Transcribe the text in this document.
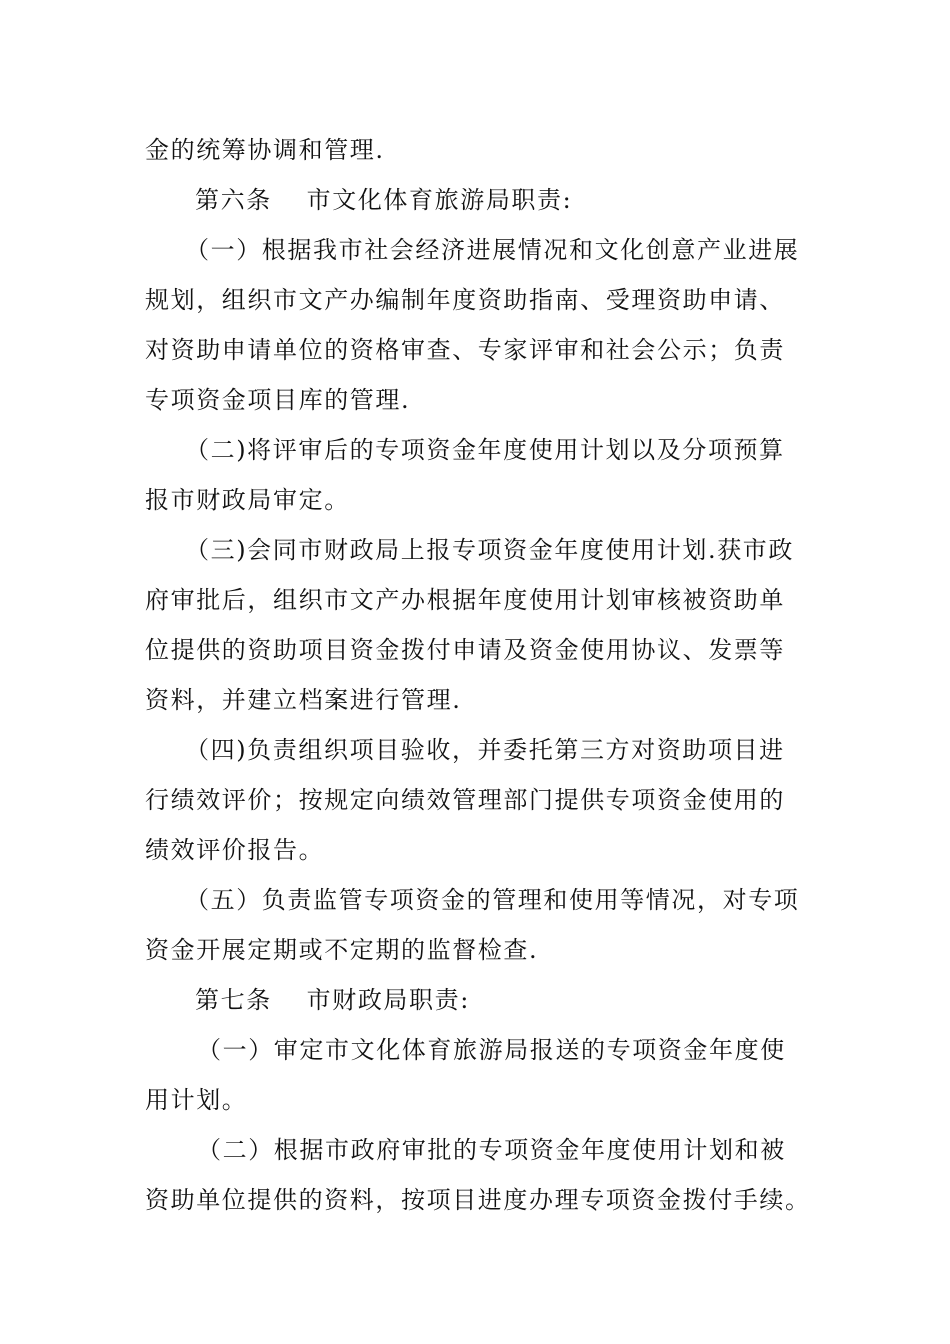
金的统筹协调和管理.
第六条　 市文化体育旅游局职责:
（一）根据我市社会经济进展情况和文化创意产业进展
规划，组织市文产办编制年度资助指南、受理资助申请、
对资助申请单位的资格审查、专家评审和社会公示；负责
专项资金项目库的管理.
（二)将评审后的专项资金年度使用计划以及分项预算
报市财政局审定。
（三)会同市财政局上报专项资金年度使用计划.获市政
府审批后，组织市文产办根据年度使用计划审核被资助单
位提供的资助项目资金拨付申请及资金使用协议、发票等
资料，并建立档案进行管理.
（四)负责组织项目验收，并委托第三方对资助项目进
行绩效评价；按规定向绩效管理部门提供专项资金使用的
绩效评价报告。
（五）负责监管专项资金的管理和使用等情况，对专项
资金开展定期或不定期的监督检查.
第七条　 市财政局职责:
（一）审定市文化体育旅游局报送的专项资金年度使
用计划。
（二）根据市政府审批的专项资金年度使用计划和被
资助单位提供的资料，按项目进度办理专项资金拨付手续。
